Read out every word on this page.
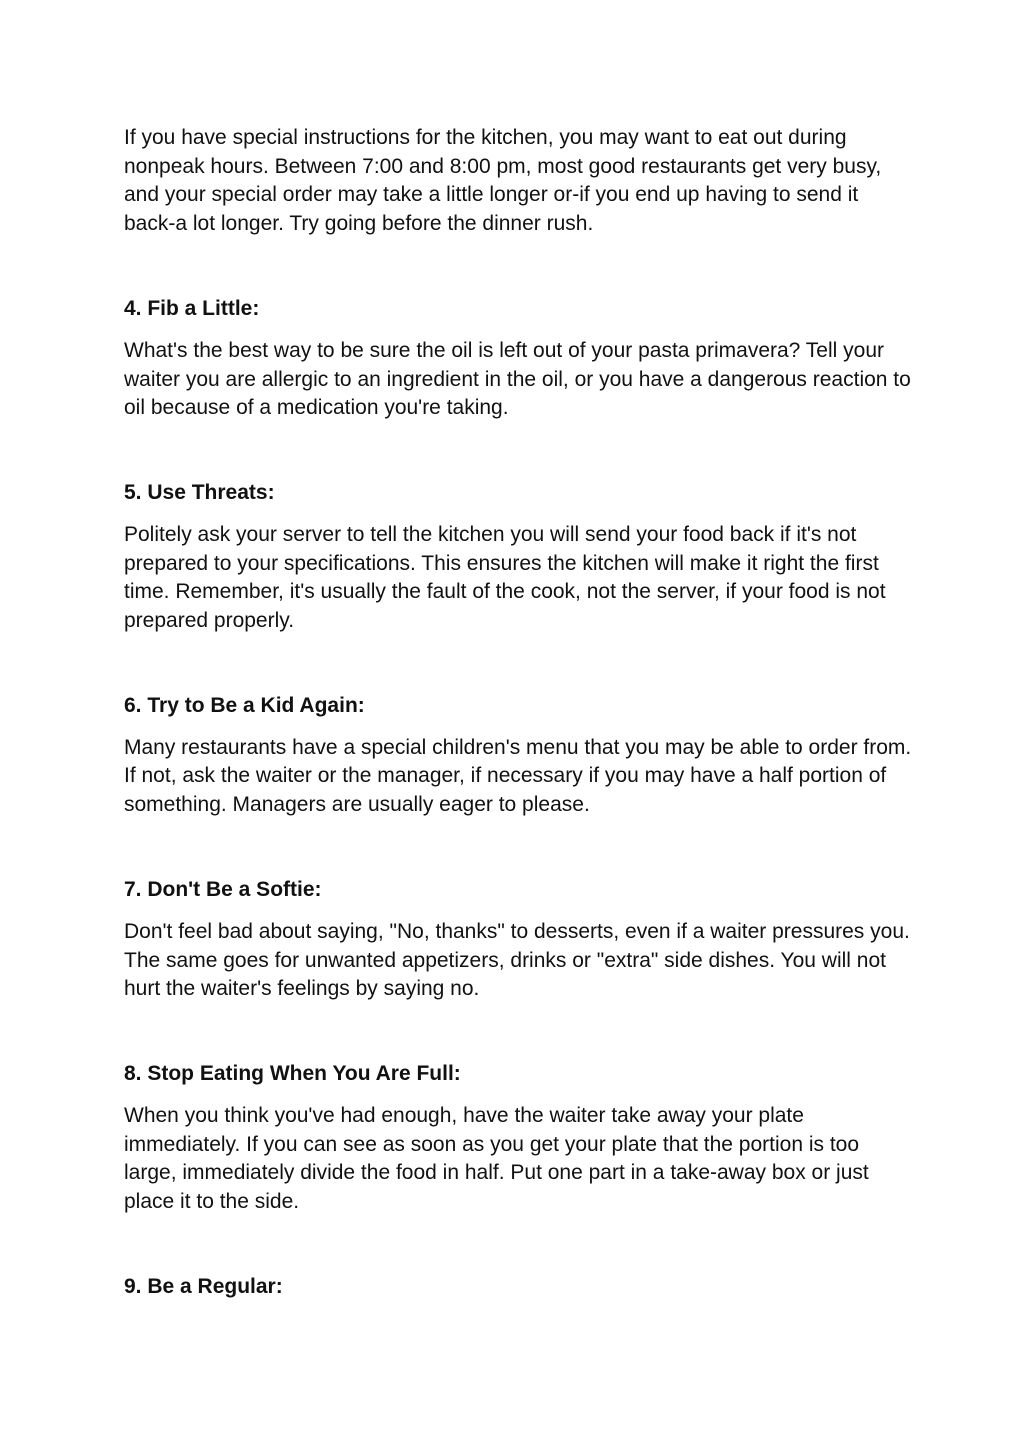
If you have special instructions for the kitchen, you may want to eat out during nonpeak hours. Between 7:00 and 8:00 pm, most good restaurants get very busy, and your special order may take a little longer or-if you end up having to send it back-a lot longer. Try going before the dinner rush.

4. Fib a Little:

What's the best way to be sure the oil is left out of your pasta primavera? Tell your waiter you are allergic to an ingredient in the oil, or you have a dangerous reaction to oil because of a medication you're taking.

5. Use Threats:

Politely ask your server to tell the kitchen you will send your food back if it's not prepared to your specifications. This ensures the kitchen will make it right the first time. Remember, it's usually the fault of the cook, not the server, if your food is not prepared properly.

6. Try to Be a Kid Again:

Many restaurants have a special children's menu that you may be able to order from. If not, ask the waiter or the manager, if necessary if you may have a half portion of something. Managers are usually eager to please.

7. Don't Be a Softie:

Don't feel bad about saying, "No, thanks" to desserts, even if a waiter pressures you. The same goes for unwanted appetizers, drinks or "extra" side dishes. You will not hurt the waiter's feelings by saying no.

8. Stop Eating When You Are Full:

When you think you've had enough, have the waiter take away your plate immediately. If you can see as soon as you get your plate that the portion is too large, immediately divide the food in half. Put one part in a take-away box or just place it to the side.

9. Be a Regular:
